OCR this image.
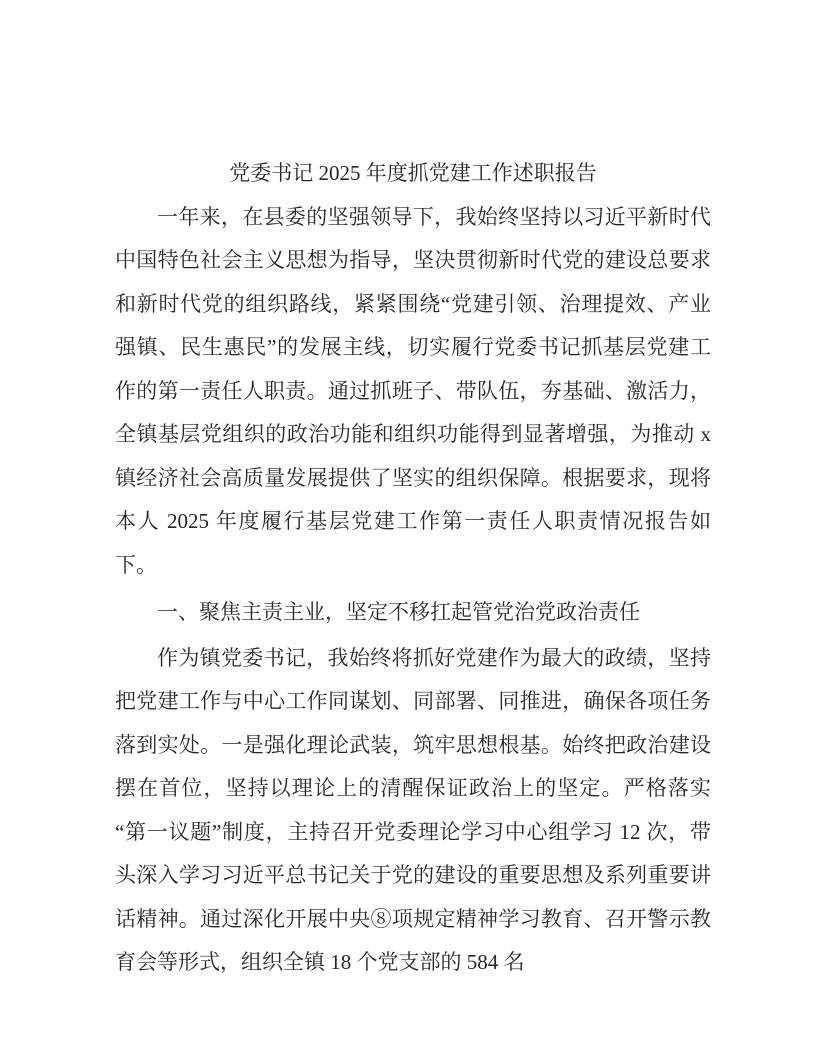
党委书记 2025 年度抓党建工作述职报告

一年来，在县委的坚强领导下，我始终坚持以习近平新时代中国特色社会主义思想为指导，坚决贯彻新时代党的建设总要求和新时代党的组织路线，紧紧围绕“党建引领、治理提效、产业强镇、民生惠民”的发展主线，切实履行党委书记抓基层党建工作的第一责任人职责。通过抓班子、带队伍，夯基础、激活力，全镇基层党组织的政治功能和组织功能得到显著增强，为推动 x 镇经济社会高质量发展提供了坚实的组织保障。根据要求，现将本人 2025 年度履行基层党建工作第一责任人职责情况报告如下。

一、聚焦主责主业，坚定不移扛起管党治党政治责任

作为镇党委书记，我始终将抓好党建作为最大的政绩，坚持把党建工作与中心工作同谋划、同部署、同推进，确保各项任务落到实处。一是强化理论武装，筑牢思想根基。始终把政治建设摆在首位，坚持以理论上的清醒保证政治上的坚定。严格落实“第一议题”制度，主持召开党委理论学习中心组学习 12 次，带头深入学习习近平总书记关于党的建设的重要思想及系列重要讲话精神。通过深化开展中央⑧项规定精神学习教育、召开警示教育会等形式，组织全镇 18 个党支部的 584 名
